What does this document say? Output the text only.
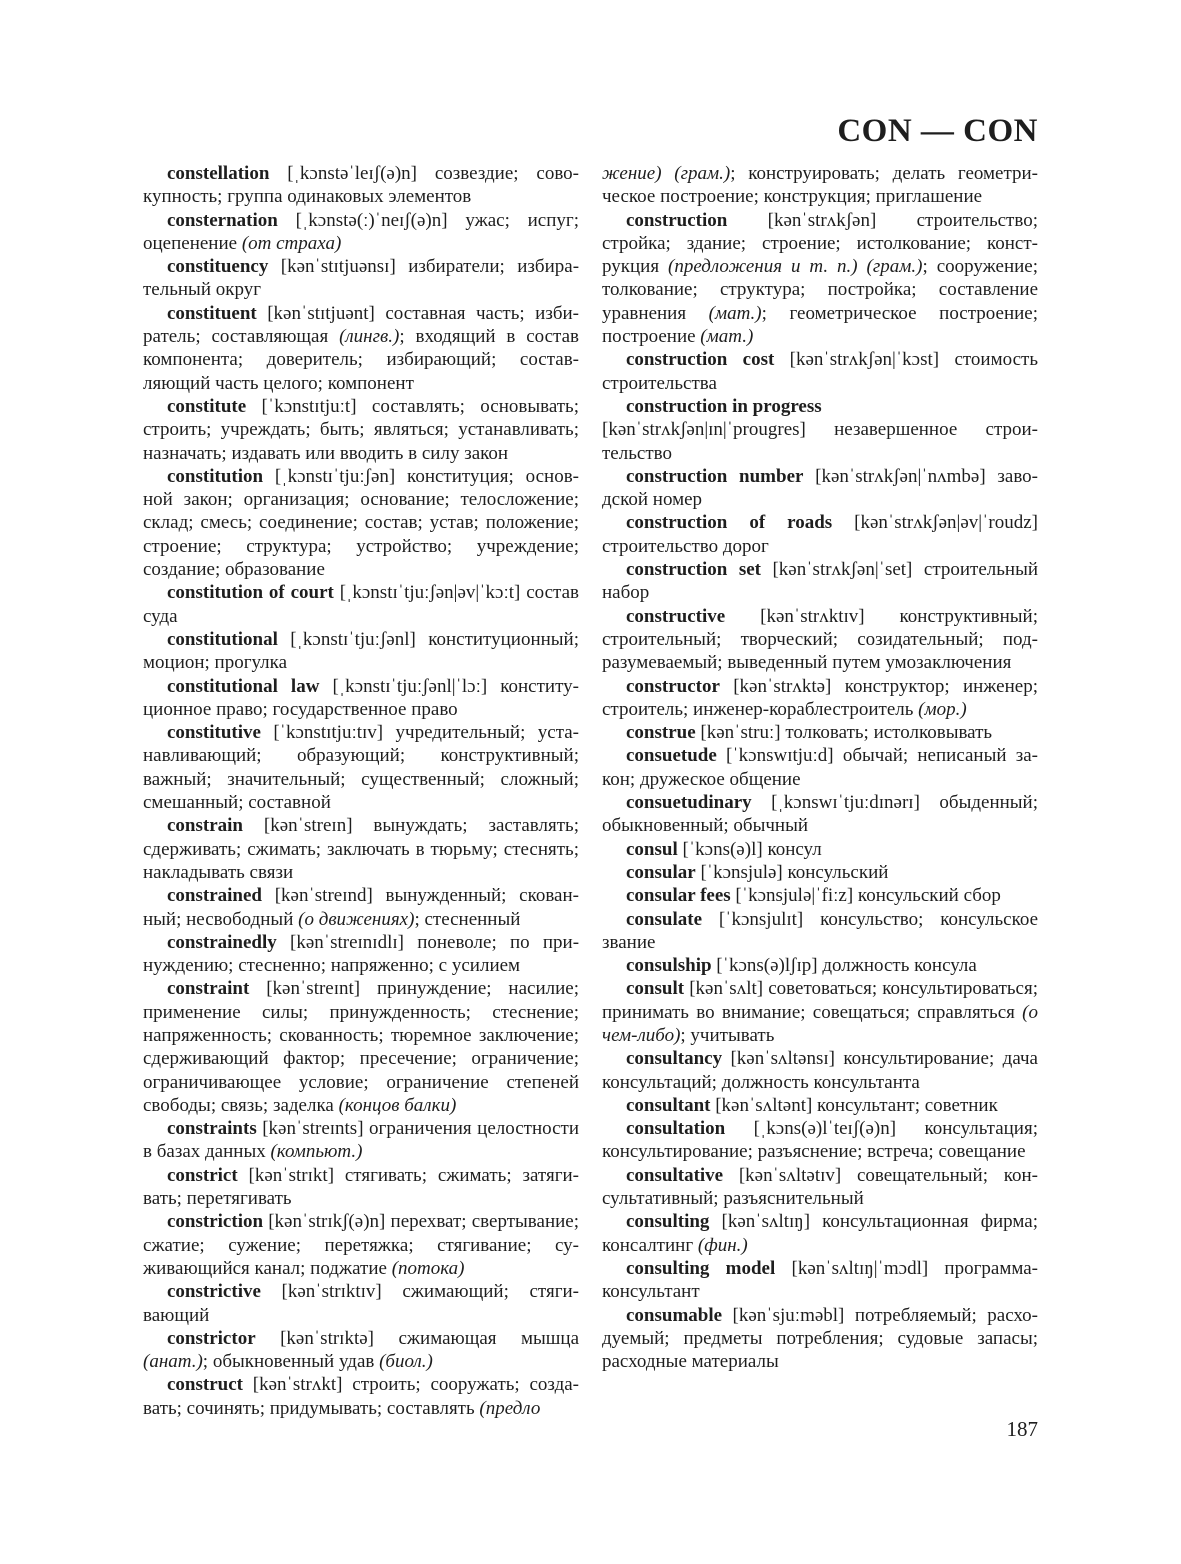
CON — CON

constellation [ˌkɔnstəˈleɪʃ(ə)n] созвездие; совокупность; группа одинаковых элементов

consternation [ˌkɔnstə(ː)ˈneɪʃ(ə)n] ужас; испуг; оцепенение (от страха)

constituency [kənˈstɪtjuənsɪ] избиратели; избирательный округ

constituent [kənˈstɪtjuənt] составная часть; избиратель; составляющая (лингв.); входящий в состав компонента; доверитель; избирающий; составляющий часть целого; компонент

constitute [ˈkɔnstɪtjuːt] составлять; основывать; строить; учреждать; быть; являться; устанавливать; назначать; издавать или вводить в силу закон

constitution [ˌkɔnstɪˈtjuːʃən] конституция; основной закон; организация; основание; телосложение; склад; смесь; соединение; состав; устав; положение; строение; структура; устройство; учреждение; создание; образование

constitution of court [ˌkɔnstɪˈtjuːʃən|əv|ˈkɔːt] состав суда

constitutional [ˌkɔnstɪˈtjuːʃənl] конституционный; моцион; прогулка

constitutional law [ˌkɔnstɪˈtjuːʃənl|ˈlɔː] конституционное право; государственное право

constitutive [ˈkɔnstɪtjuːtɪv] учредительный; устанавливающий; образующий; конструктивный; важный; значительный; существенный; сложный; смешанный; составной

constrain [kənˈstreɪn] вынуждать; заставлять; сдерживать; сжимать; заключать в тюрьму; стеснять; накладывать связи

constrained [kənˈstreɪnd] вынужденный; скованный; несвободный (о движениях); стесненный

constrainedly [kənˈstreɪnɪdlɪ] поневоле; по принуждению; стесненно; напряженно; с усилием

constraint [kənˈstreɪnt] принуждение; насилие; применение силы; принужденность; стеснение; напряженность; скованность; тюремное заключение; сдерживающий фактор; пресечение; ограничение; ограничивающее условие; ограничение степеней свободы; связь; заделка (концов балки)

constraints [kənˈstreɪnts] ограничения целостности в базах данных (компьют.)

constrict [kənˈstrɪkt] стягивать; сжимать; затягивать; перетягивать

constriction [kənˈstrɪkʃ(ə)n] перехват; свертывание; сжатие; сужение; перетяжка; стягивание; суживающийся канал; поджатие (потока)

constrictive [kənˈstrɪktɪv] сжимающий; стягивающий

constrictor [kənˈstrɪktə] сжимающая мышца (анат.); обыкновенный удав (биол.)

construct [kənˈstrʌkt] строить; сооружать; создавать; сочинять; придумывать; составлять (предло

жение) (грам.); конструировать; делать геометрическое построение; конструкция; приглашение

construction [kənˈstrʌkʃən] строительство; стройка; здание; строение; истолкование; конструкция (предложения и т. п.) (грам.); сооружение; толкование; структура; постройка; составление уравнения (мат.); геометрическое построение; построение (мат.)

construction cost [kənˈstrʌkʃən|ˈkɔst] стоимость строительства

construction in progress

[kənˈstrʌkʃən|ɪn|ˈprougres] незавершенное строительство

construction number [kənˈstrʌkʃən|ˈnʌmbə] заводской номер

construction of roads [kənˈstrʌkʃən|əv|ˈroudz] строительство дорог

construction set [kənˈstrʌkʃən|ˈset] строительный набор

constructive [kənˈstrʌktɪv] конструктивный; строительный; творческий; созидательный; подразумеваемый; выведенный путем умозаключения

constructor [kənˈstrʌktə] конструктор; инженер; строитель; инженер-кораблестроитель (мор.)

construe [kənˈstruː] толковать; истолковывать

consuetude [ˈkɔnswɪtjuːd] обычай; неписаный закон; дружеское общение

consuetudinary [ˌkɔnswɪˈtjuːdɪnərɪ] обыденный; обыкновенный; обычный

consul [ˈkɔns(ə)l] консул

consular [ˈkɔnsjulə] консульский

consular fees [ˈkɔnsjulə|ˈfiːz] консульский сбор

consulate [ˈkɔnsjulɪt] консульство; консульское звание

consulship [ˈkɔns(ə)lʃɪp] должность консула

consult [kənˈsʌlt] советоваться; консультироваться; принимать во внимание; совещаться; справляться (о чем-либо); учитывать

consultancy [kənˈsʌltənsɪ] консультирование; дача консультаций; должность консультанта

consultant [kənˈsʌltənt] консультант; советник

consultation [ˌkɔns(ə)lˈteɪʃ(ə)n] консультация; консультирование; разъяснение; встреча; совещание

consultative [kənˈsʌltətɪv] совещательный; консультативный; разъяснительный

consulting [kənˈsʌltɪŋ] консультационная фирма; консалтинг (фин.)

consulting model [kənˈsʌltɪŋ|ˈmɔdl] программа-консультант

consumable [kənˈsjuːməbl] потребляемый; расходуемый; предметы потребления; судовые запасы; расходные материалы

187
